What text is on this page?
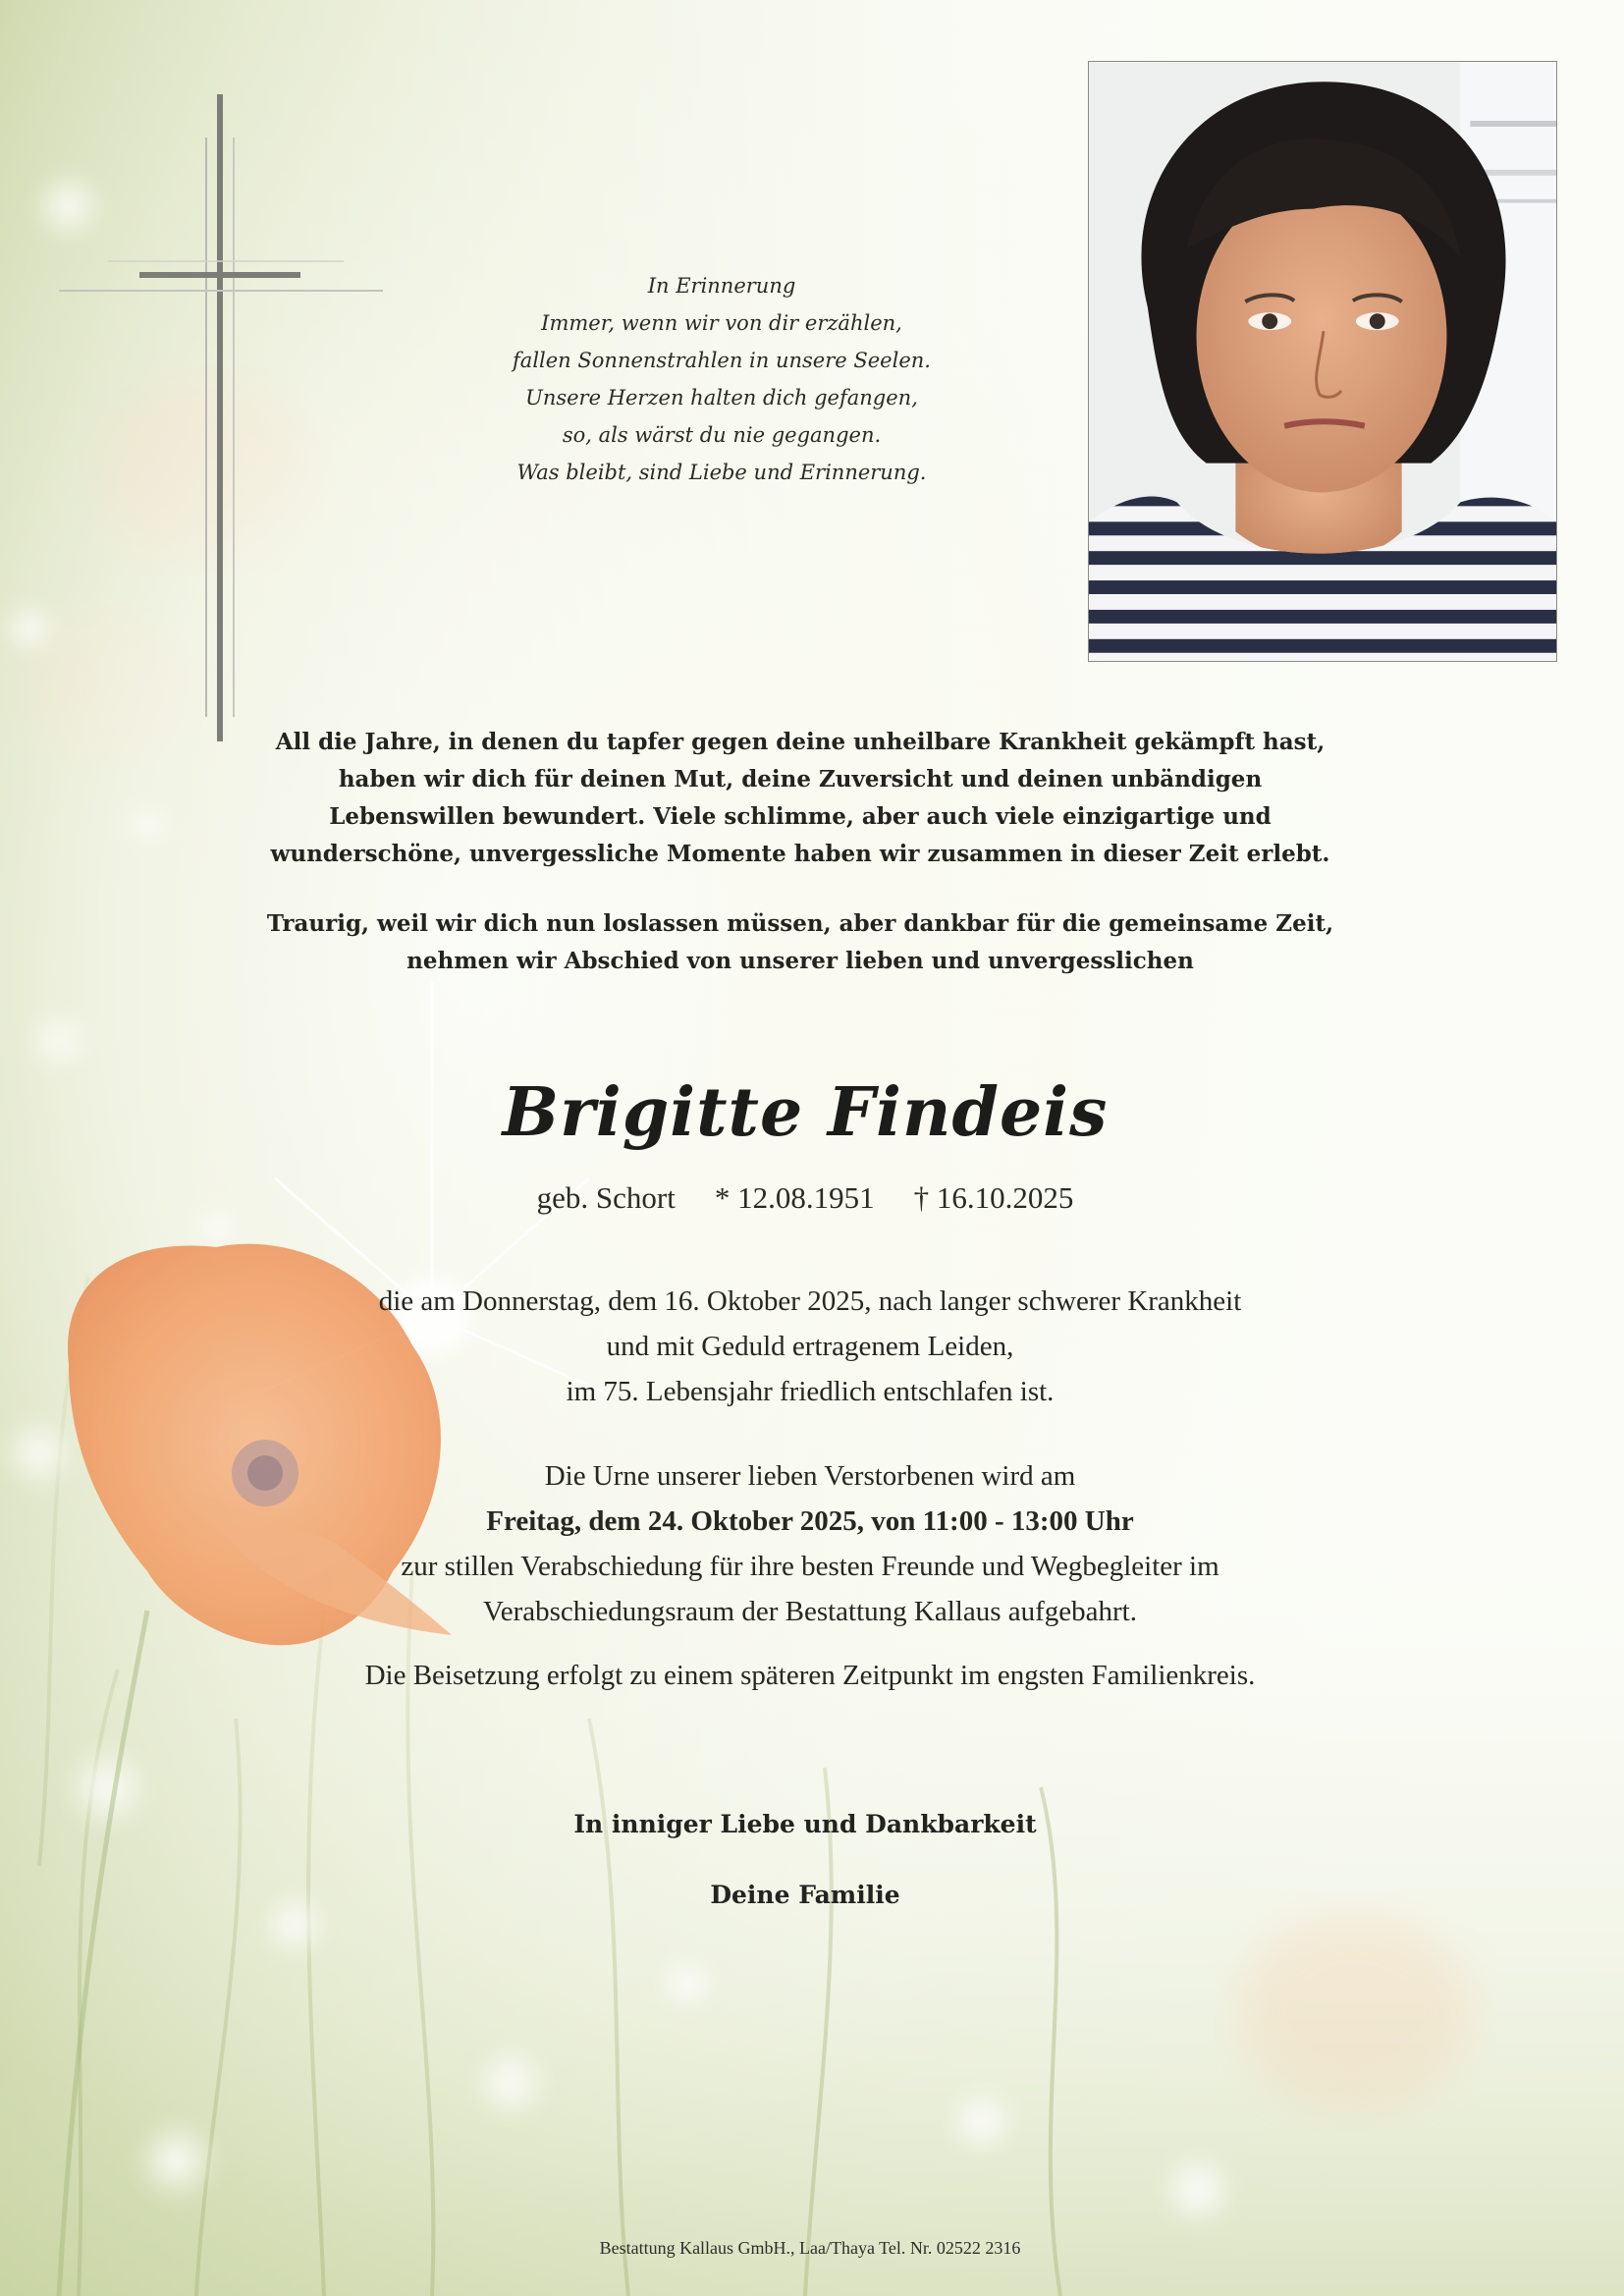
In Erinnerung
Immer, wenn wir von dir erzählen,
fallen Sonnenstrahlen in unsere Seelen.
Unsere Herzen halten dich gefangen,
so, als wärst du nie gegangen.
Was bleibt, sind Liebe und Erinnerung.
All die Jahre, in denen du tapfer gegen deine unheilbare Krankheit gekämpft hast,
haben wir dich für deinen Mut, deine Zuversicht und deinen unbändigen
Lebenswillen bewundert. Viele schlimme, aber auch viele einzigartige und
wunderschöne, unvergessliche Momente haben wir zusammen in dieser Zeit erlebt.
Traurig, weil wir dich nun loslassen müssen, aber dankbar für die gemeinsame Zeit,
nehmen wir Abschied von unserer lieben und unvergesslichen
Brigitte Findeis
geb. Schort * 12.08.1951 † 16.10.2025
die am Donnerstag, dem 16. Oktober 2025, nach langer schwerer Krankheit
und mit Geduld ertragenem Leiden,
im 75. Lebensjahr friedlich entschlafen ist.
Die Urne unserer lieben Verstorbenen wird am
Freitag, dem 24. Oktober 2025, von 11:00 - 13:00 Uhr
zur stillen Verabschiedung für ihre besten Freunde und Wegbegleiter im
Verabschiedungsraum der Bestattung Kallaus aufgebahrt.
Die Beisetzung erfolgt zu einem späteren Zeitpunkt im engsten Familienkreis.
In inniger Liebe und Dankbarkeit
Deine Familie
Bestattung Kallaus GmbH., Laa/Thaya Tel. Nr. 02522 2316
